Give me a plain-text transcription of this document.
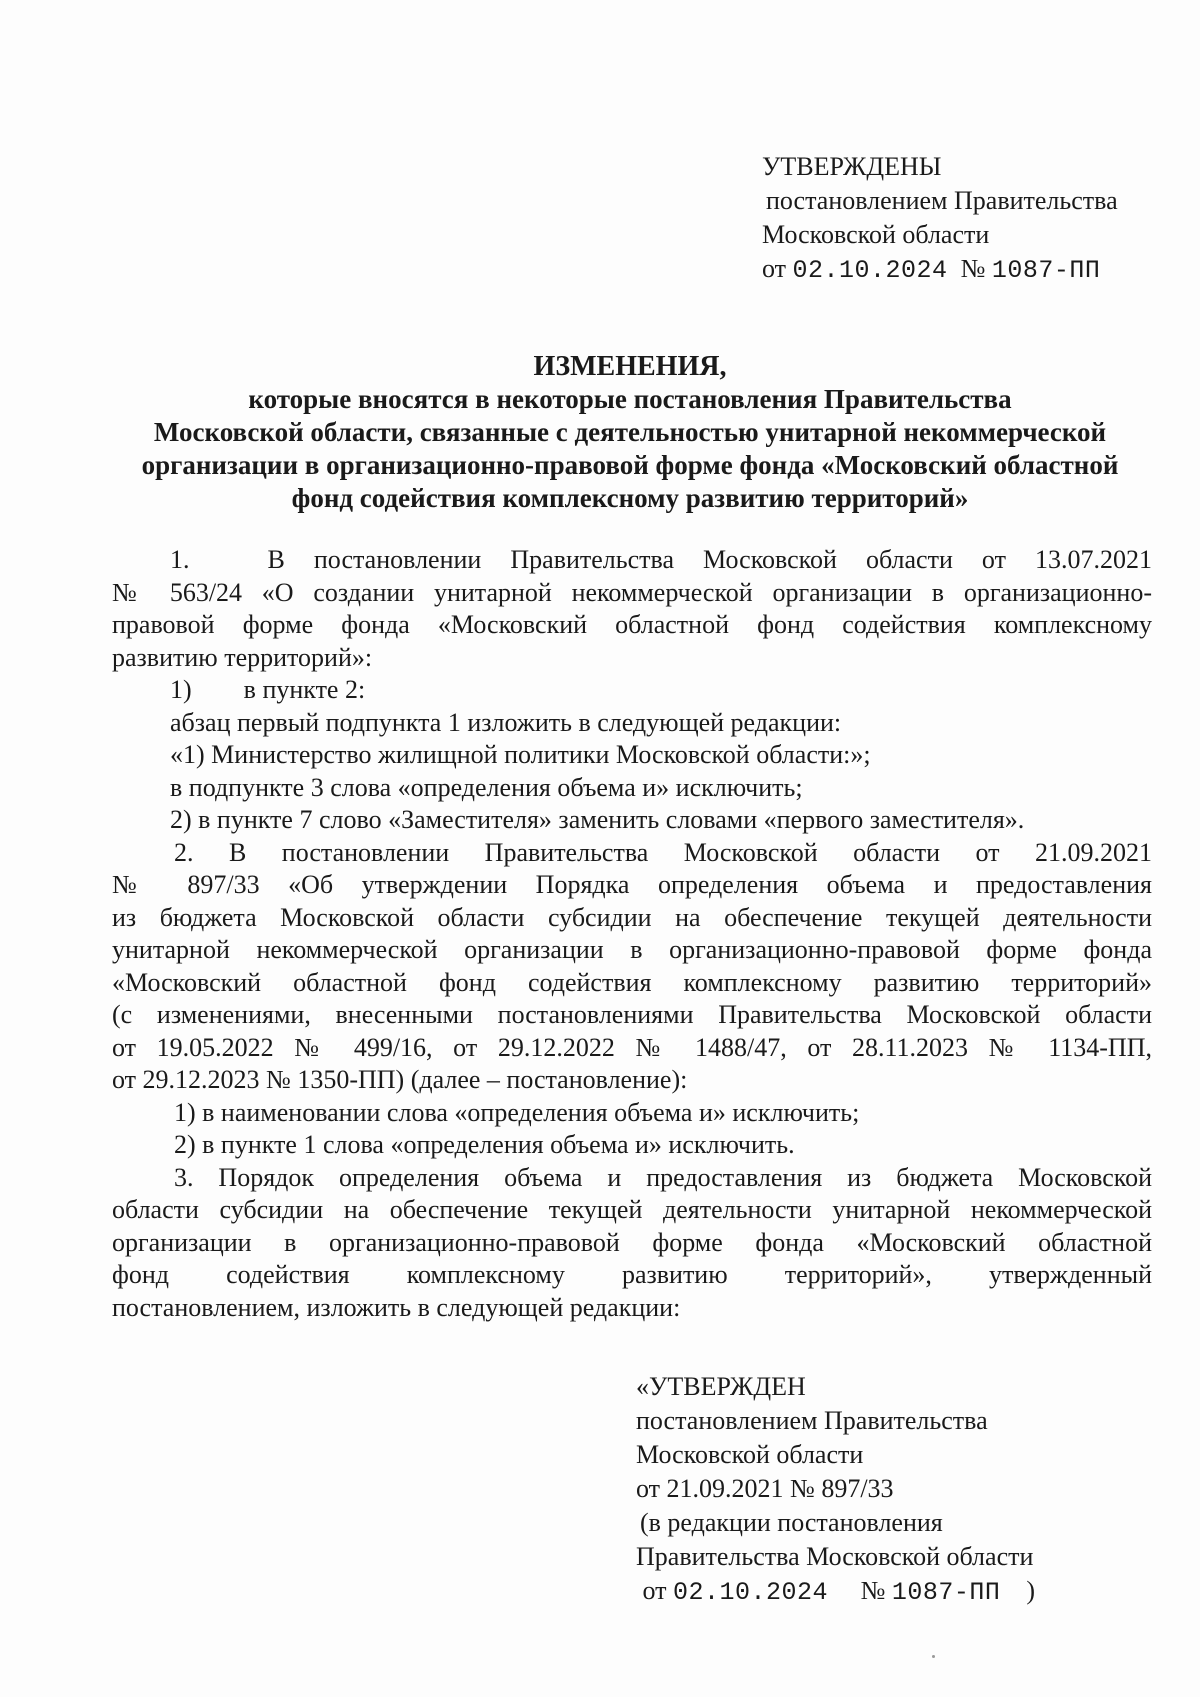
УТВЕРЖДЕНЫ
постановлением Правительства
Московской области
от 02.10.2024 № 1087-ПП
ИЗМЕНЕНИЯ,
которые вносятся в некоторые постановления Правительства
Московской области, связанные с деятельностью унитарной некоммерческой
организации в организационно-правовой форме фонда «Московский областной
фонд содействия комплексному развитию территорий»
1.	В постановлении Правительства Московской области от 13.07.2021
№ 563/24 «О создании унитарной некоммерческой организации в организационно-
правовой форме фонда «Московский областной фонд содействия комплексному
развитию территорий»:
1) в пункте 2:
абзац первый подпункта 1 изложить в следующей редакции:
«1) Министерство жилищной политики Московской области:»;
в подпункте 3 слова «определения объема и» исключить;
2) в пункте 7 слово «Заместителя» заменить словами «первого заместителя».
2. В постановлении Правительства Московской области от 21.09.2021
№ 897/33 «Об утверждении Порядка определения объема и предоставления
из бюджета Московской области субсидии на обеспечение текущей деятельности
унитарной некоммерческой организации в организационно-правовой форме фонда
«Московский областной фонд содействия комплексному развитию территорий»
(с изменениями, внесенными постановлениями Правительства Московской области
от 19.05.2022 № 499/16, от 29.12.2022 № 1488/47, от 28.11.2023 № 1134-ПП,
от 29.12.2023 № 1350-ПП) (далее – постановление):
1) в наименовании слова «определения объема и» исключить;
2) в пункте 1 слова «определения объема и» исключить.
3. Порядок определения объема и предоставления из бюджета Московской
области субсидии на обеспечение текущей деятельности унитарной некоммерческой
организации в организационно-правовой форме фонда «Московский областной
фонд содействия комплексному развитию территорий», утвержденный
постановлением, изложить в следующей редакции:
«УТВЕРЖДЕН
постановлением Правительства
Московской области
от 21.09.2021 № 897/33
(в редакции постановления
Правительства Московской области
от 02.10.2024 № 1087-ПП )
